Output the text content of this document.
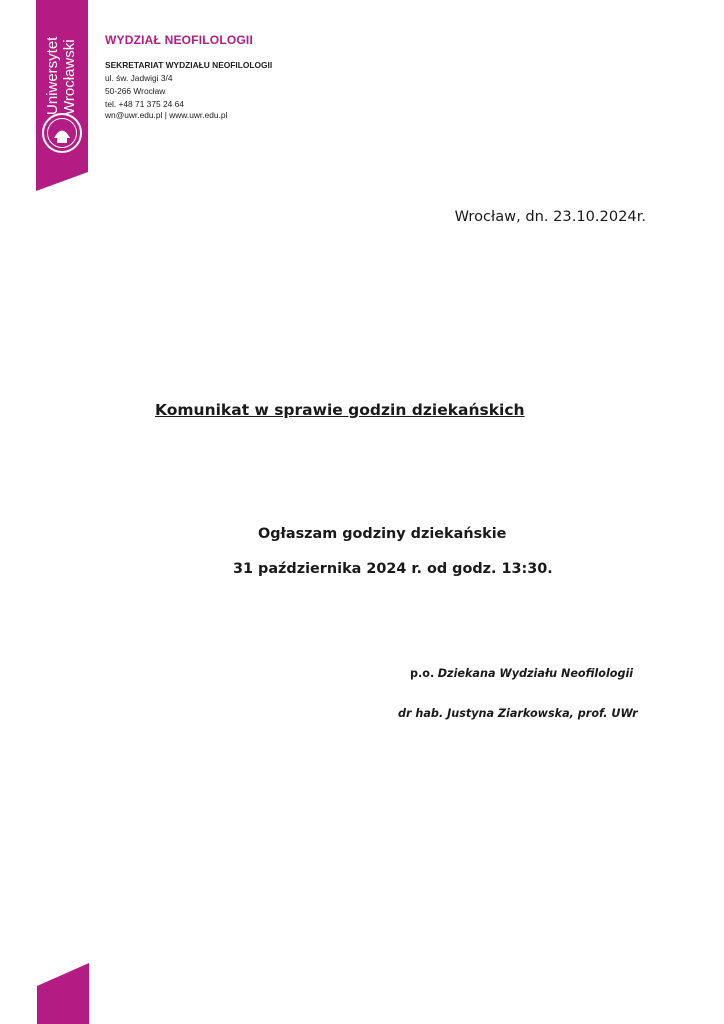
Uniwersytet
Wrocławski	WYDZIAŁ NEOFILOLOGII
SEKRETARIAT WYDZIAŁU NEOFILOLOGII
ul. św. Jadwigi 3/4
50-266 Wrocław
tel. +48 71 375 24 64
wn@uwr.edu.pl | www.uwr.edu.pl
Wrocław, dn. 23.10.2024r.
Komunikat w sprawie godzin dziekańskich
Ogłaszam godziny dziekańskie
31 października 2024 r. od godz. 13:30.
p.o. Dziekana Wydziału Neofilologii
dr hab. Justyna Ziarkowska, prof. UWr
